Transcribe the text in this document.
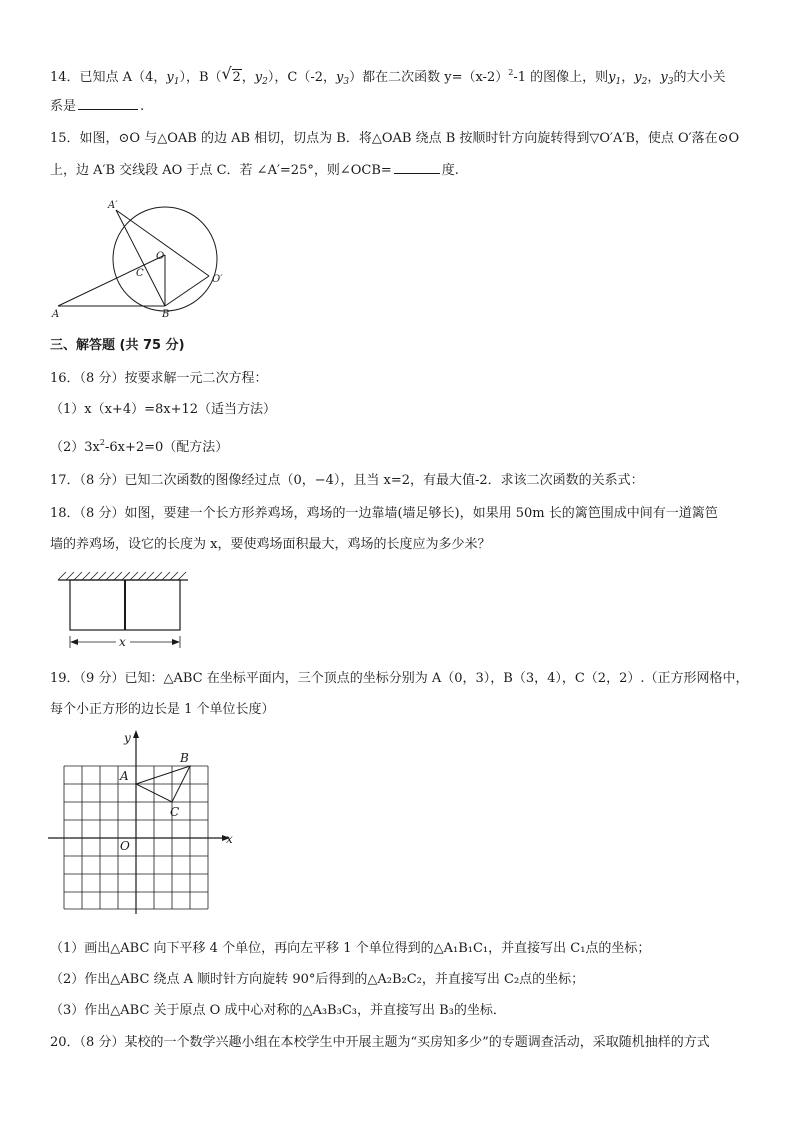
14．已知点 A（4，$y_1$），B（ √ 2，$y_2$），C（-2，$y_3$）都在二次函数 $y=(x-2)^2-1$ 的图像上，则$y_1$，$y_2$，$y_3$的大小关
系是	.
15．如图，⊙O 与△OAB 的边 AB 相切，切点为 B．将△OAB 绕点 B 按顺时针方向旋转得到▽O′A′B，使点 O′落在⊙O
上，边 A′B 交线段 AO 于点 C．若 ∠A′=25°，则∠OCB=	度.
A′
O
C
O′
A	B
三、解答题 (共 75 分)
16．（8 分）按要求解一元二次方程：
（1）x（x+4）=8x+12（适当方法）
$(2)3x^2-6x+2=0$（配方法）
17．（8 分）已知二次函数的图像经过点（0，−4），且当 x=2，有最大值-2．求该二次函数的关系式：
18．（8 分）如图，要建一个长方形养鸡场，鸡场的一边靠墙(墙足够长)，如果用 50m 长的篱笆围成中间有一道篱笆
墙的养鸡场，设它的长度为 x，要使鸡场面积最大，鸡场的长度应为多少米？
x
19．（9 分）已知：△ABC 在坐标平面内，三个顶点的坐标分别为 A（0，3），B（3，4），C（2，2）.（正方形网格中，
每个小正方形的边长是 1 个单位长度）
y
x
O
A
B
C
（1）画出△ABC 向下平移 4 个单位，再向左平移 1 个单位得到的△A₁B₁C₁，并直接写出 C₁点的坐标；
（2）作出△ABC 绕点 A 顺时针方向旋转 90°后得到的△A₂B₂C₂，并直接写出 C₂点的坐标；
（3）作出△ABC 关于原点 O 成中心对称的△A₃B₃C₃，并直接写出 B₃的坐标．
20．（8 分）某校的一个数学兴趣小组在本校学生中开展主题为“买房知多少”的专题调查活动，采取随机抽样的方式
